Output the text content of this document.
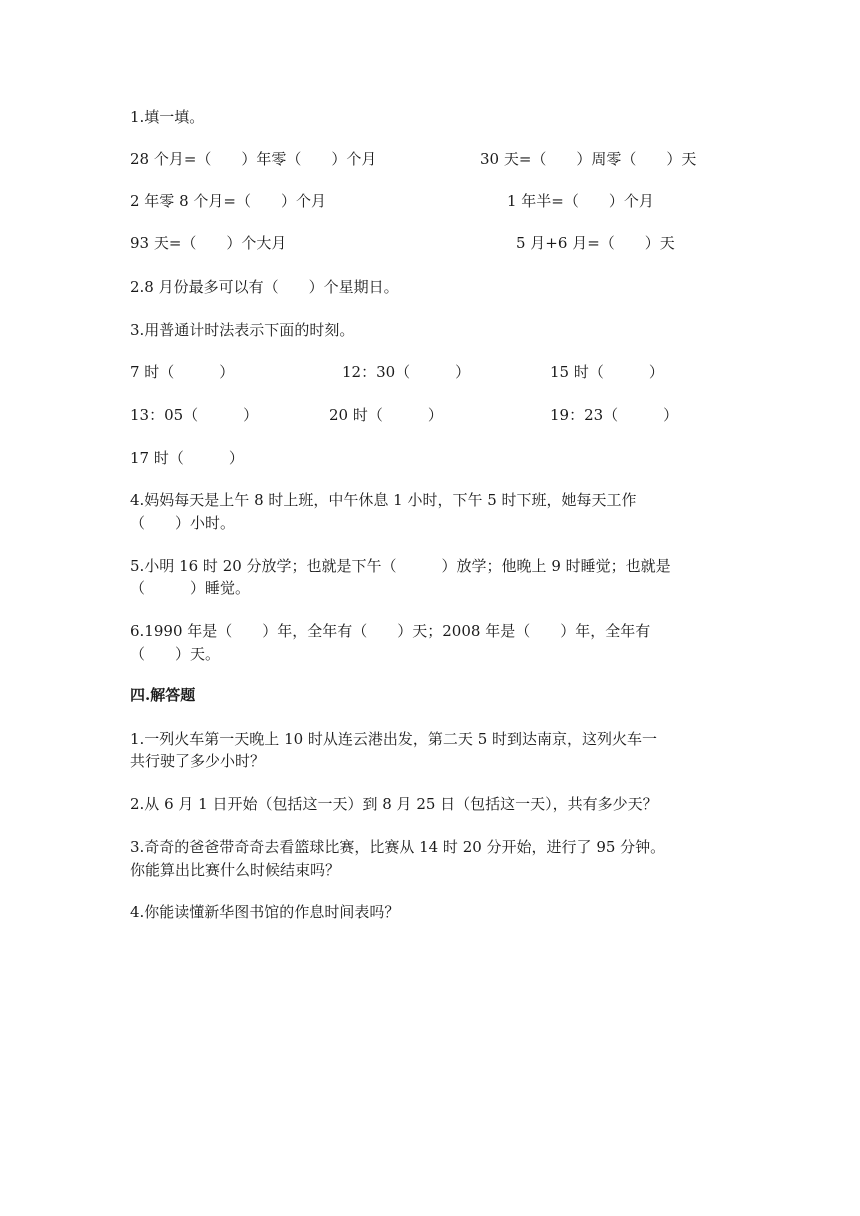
1.填一填。
28 个月=（　　）年零（　　）个月	30 天=（　　）周零（　　）天
2 年零 8 个月=（　　）个月	1 年半=（　　）个月
93 天=（　　）个大月	5 月+6 月=（　　）天
2.8 月份最多可以有（　　）个星期日。
3.用普通计时法表示下面的时刻。
7 时（　　　）	12：30（　　　）	15 时（　　　）
13：05（　　　）	20 时（　　　）	19：23（　　　）
17 时（　　　）
4.妈妈每天是上午 8 时上班，中午休息 1 小时，下午 5 时下班，她每天工作
（　　）小时。
5.小明 16 时 20 分放学；也就是下午（　　　）放学；他晚上 9 时睡觉；也就是
（　　　）睡觉。
6.1990 年是（　　）年，全年有（　　）天；2008 年是（　　）年，全年有
（　　）天。
四.解答题
1.一列火车第一天晚上 10 时从连云港出发，第二天 5 时到达南京，这列火车一
共行驶了多少小时？
2.从 6 月 1 日开始（包括这一天）到 8 月 25 日（包括这一天），共有多少天？
3.奇奇的爸爸带奇奇去看篮球比赛，比赛从 14 时 20 分开始，进行了 95 分钟。
你能算出比赛什么时候结束吗？
4.你能读懂新华图书馆的作息时间表吗？
